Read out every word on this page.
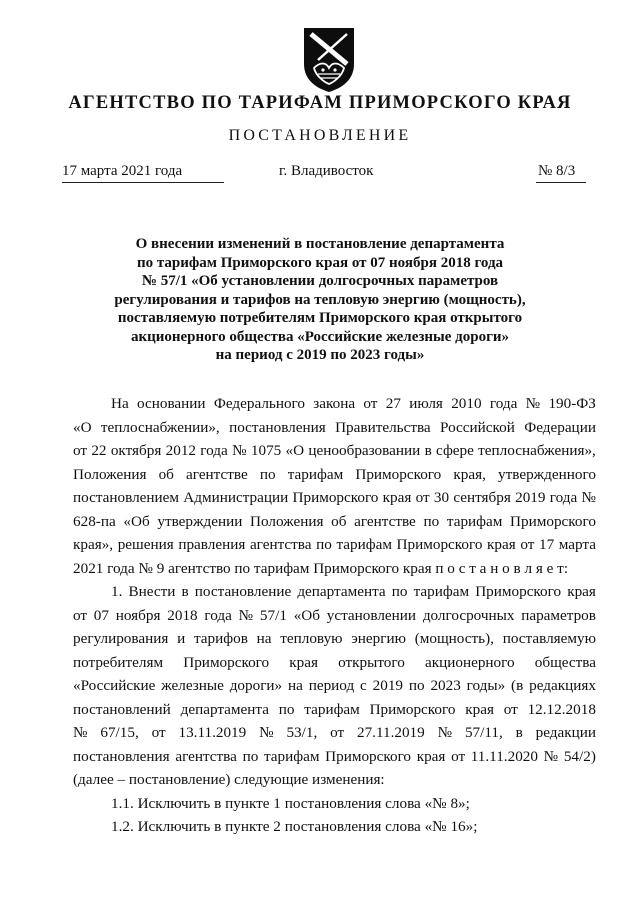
АГЕНТСТВО ПО ТАРИФАМ ПРИМОРСКОГО КРАЯ
ПОСТАНОВЛЕНИЕ
17 марта 2021 года	г. Владивосток	№ 8/3
О внесении изменений в постановление департамента
по тарифам Приморского края от 07 ноября 2018 года
№ 57/1 «Об установлении долгосрочных параметров
регулирования и тарифов на тепловую энергию (мощность),
поставляемую потребителям Приморского края открытого
акционерного общества «Российские железные дороги»
на период с 2019 по 2023 годы»
На основании Федерального закона от 27 июля 2010 года № 190-ФЗ
«О теплоснабжении», постановления Правительства Российской Федерации
от 22 октября 2012 года № 1075 «О ценообразовании в сфере теплоснабжения»,
Положения об агентстве по тарифам Приморского края, утвержденного
постановлением Администрации Приморского края от 30 сентября 2019 года №
628-па «Об утверждении Положения об агентстве по тарифам Приморского
края», решения правления агентства по тарифам Приморского края от 17 марта
2021 года № 9 агентство по тарифам Приморского края п о с т а н о в л я е т:
1. Внести в постановление департамента по тарифам Приморского края
от 07 ноября 2018 года № 57/1 «Об установлении долгосрочных параметров
регулирования и тарифов на тепловую энергию (мощность), поставляемую
потребителям Приморского края открытого акционерного общества
«Российские железные дороги» на период с 2019 по 2023 годы» (в редакциях
постановлений департамента по тарифам Приморского края от 12.12.2018
№ 67/15, от 13.11.2019 № 53/1, от 27.11.2019 № 57/11, в редакции
постановления агентства по тарифам Приморского края от 11.11.2020 № 54/2)
(далее – постановление) следующие изменения:
1.1. Исключить в пункте 1 постановления слова «№ 8»;
1.2. Исключить в пункте 2 постановления слова «№ 16»;
